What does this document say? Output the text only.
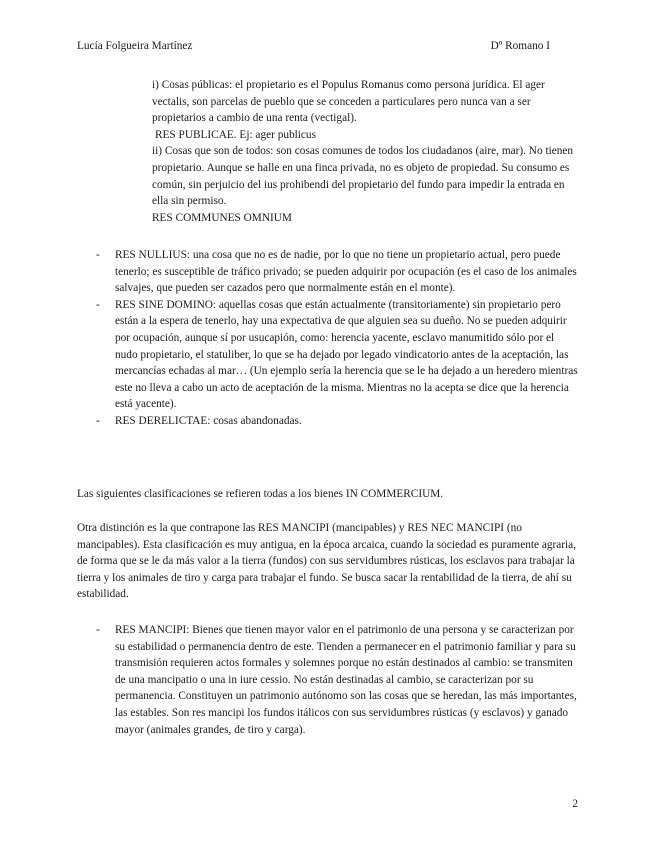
Lucía Folgueira Martínez	Dº Romano I

i) Cosas públicas: el propietario es el Populus Romanus como persona jurídica. El ager vectalis, son parcelas de pueblo que se conceden a particulares pero nunca van a ser propietarios a cambio de una renta (vectigal).

RES PUBLICAE. Ej: ager publicus

ii) Cosas que son de todos: son cosas comunes de todos los ciudadanos (aire, mar). No tienen propietario. Aunque se halle en una finca privada, no es objeto de propiedad. Su consumo es común, sin perjuicio del ius prohibendi del propietario del fundo para impedir la entrada en ella sin permiso.

RES COMMUNES OMNIUM

- RES NULLIUS: una cosa que no es de nadie, por lo que no tiene un propietario actual, pero puede tenerlo; es susceptible de tráfico privado; se pueden adquirir por ocupación (es el caso de los animales salvajes, que pueden ser cazados pero que normalmente están en el monte).
- RES SINE DOMINO: aquellas cosas que están actualmente (transitoriamente) sin propietario pero están a la espera de tenerlo, hay una expectativa de que alguien sea su dueño. No se pueden adquirir por ocupación, aunque sí por usucapión, como: herencia yacente, esclavo manumitido sólo por el nudo propietario, el statuliber, lo que se ha dejado por legado vindicatorio antes de la aceptación, las mercancías echadas al mar… (Un ejemplo sería la herencia que se le ha dejado a un heredero mientras este no lleva a cabo un acto de aceptación de la misma. Mientras no la acepta se dice que la herencia está yacente).
- RES DERELICTAE: cosas abandonadas.

Las siguientes clasificaciones se refieren todas a los bienes IN COMMERCIUM.

Otra distinción es la que contrapone las RES MANCIPI (mancipables) y RES NEC MANCIPI (no mancipables). Esta clasificación es muy antigua, en la época arcaica, cuando la sociedad es puramente agraria, de forma que se le da más valor a la tierra (fundos) con sus servidumbres rústicas, los esclavos para trabajar la tierra y los animales de tiro y carga para trabajar el fundo. Se busca sacar la rentabilidad de la tierra, de ahí su estabilidad.

- RES MANCIPI: Bienes que tienen mayor valor en el patrimonio de una persona y se caracterizan por su estabilidad o permanencia dentro de este. Tienden a permanecer en el patrimonio familiar y para su transmisión requieren actos formales y solemnes porque no están destinados al cambio: se transmiten de una mancipatio o una in iure cessio. No están destinadas al cambio, se caracterizan por su permanencia. Constituyen un patrimonio autónomo son las cosas que se heredan, las más importantes, las estables. Son res mancipi los fundos itálicos con sus servidumbres rústicas (y esclavos) y ganado mayor (animales grandes, de tiro y carga).
2
